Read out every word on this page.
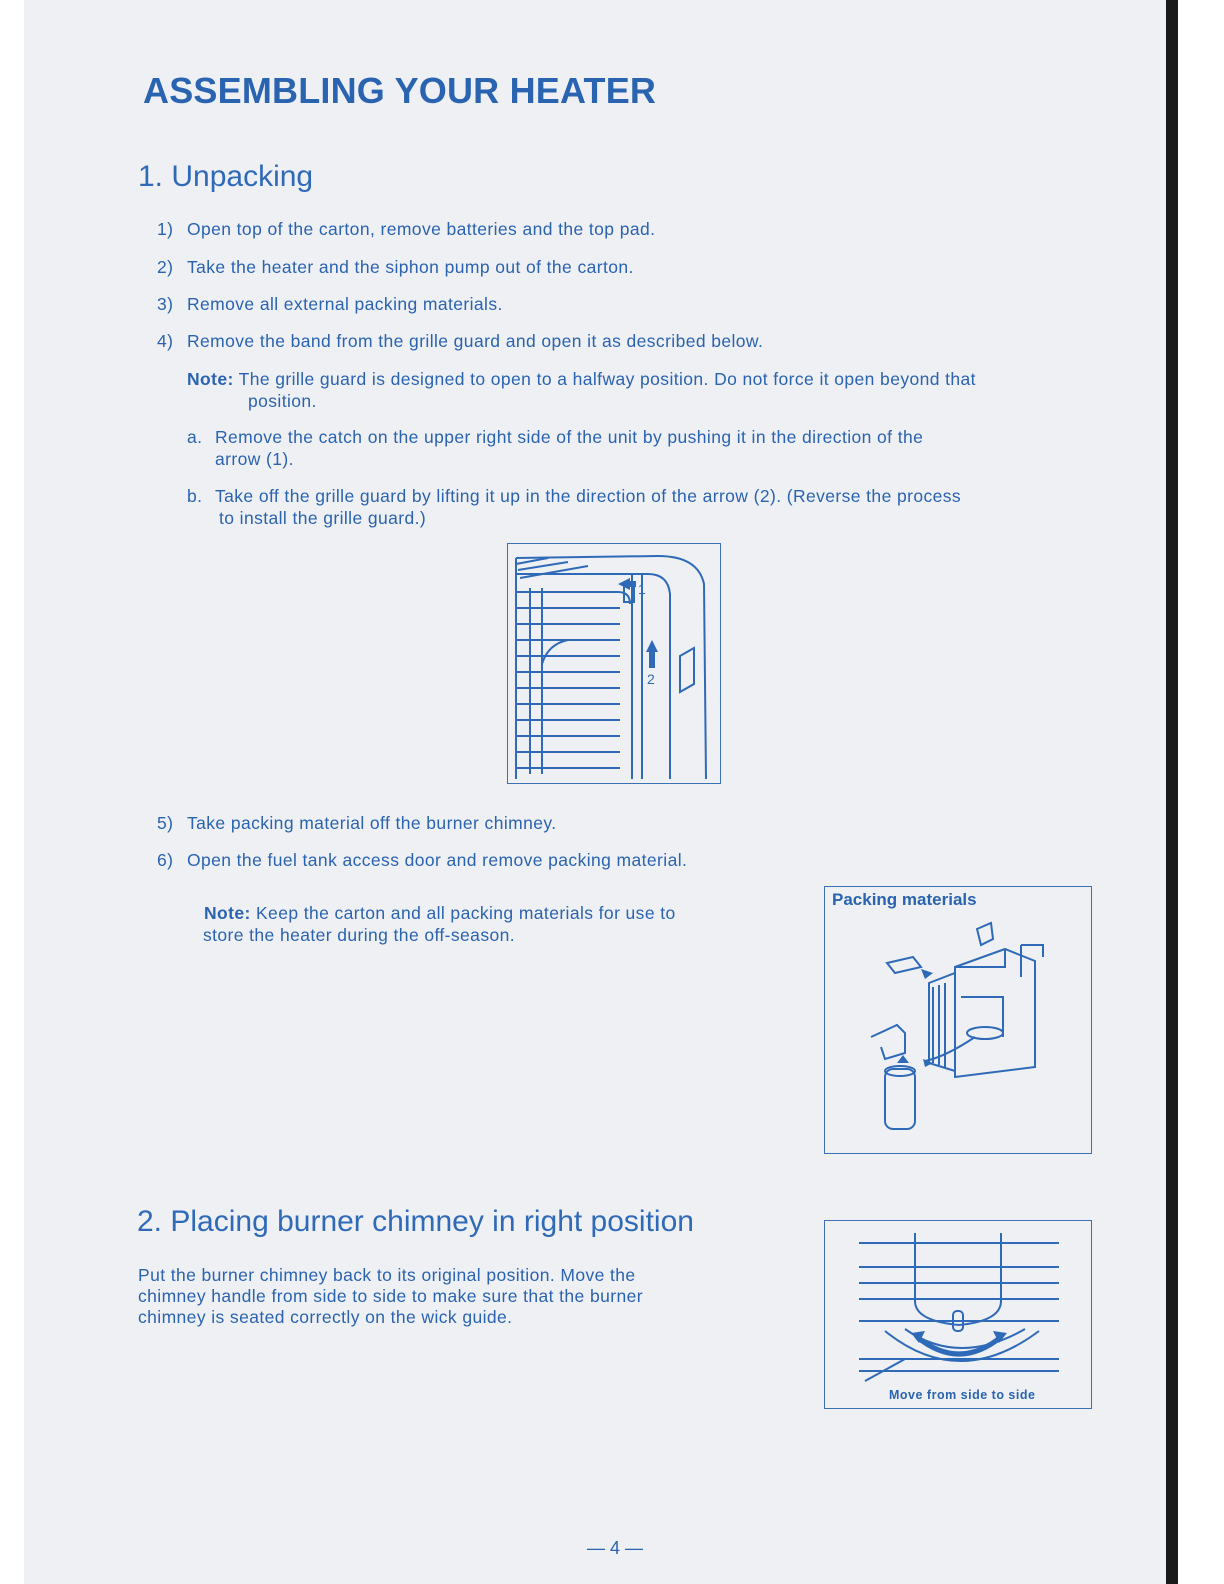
ASSEMBLING YOUR HEATER
1. Unpacking
1) Open top of the carton, remove batteries and the top pad.
2) Take the heater and the siphon pump out of the carton.
3) Remove all external packing materials.
4) Remove the band from the grille guard and open it as described below.
Note: The grille guard is designed to open to a halfway position. Do not force it open beyond that
position.
a. Remove the catch on the upper right side of the unit by pushing it in the direction of the
arrow (1).
b. Take off the grille guard by lifting it up in the direction of the arrow (2). (Reverse the process
to install the grille guard.)
1
2
5) Take packing material off the burner chimney.
6) Open the fuel tank access door and remove packing material.
Note: Keep the carton and all packing materials for use to
store the heater during the off-season.
Packing materials
2. Placing burner chimney in right position
Put the burner chimney back to its original position. Move the
chimney handle from side to side to make sure that the burner
chimney is seated correctly on the wick guide.
Move from side to side
— 4 —
